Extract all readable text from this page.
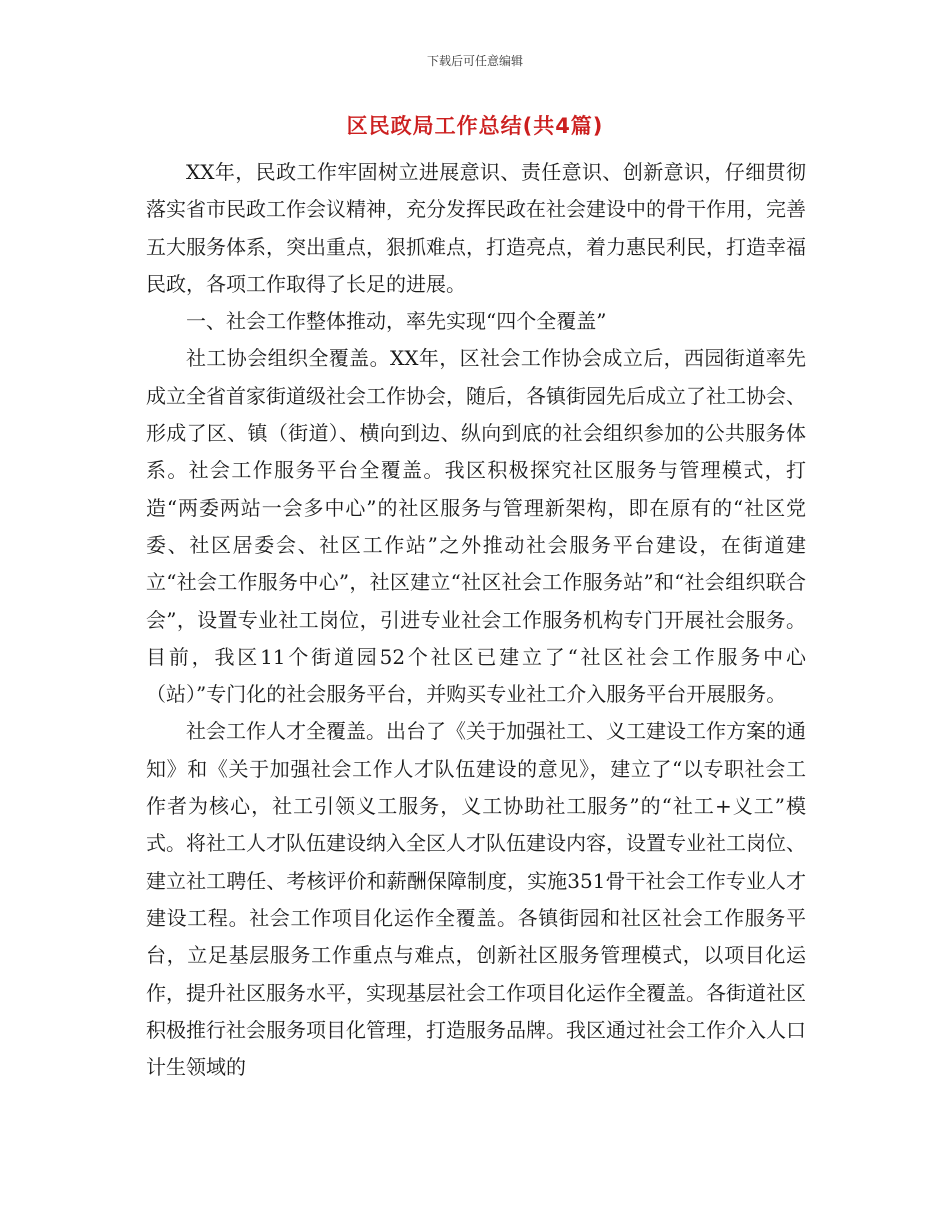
下载后可任意编辑
区民政局工作总结(共4篇)

XX年，民政工作牢固树立进展意识、责任意识、创新意识，仔细贯彻落实省市民政工作会议精神，充分发挥民政在社会建设中的骨干作用，完善五大服务体系，突出重点，狠抓难点，打造亮点，着力惠民利民，打造幸福民政，各项工作取得了长足的进展。

一、社会工作整体推动，率先实现“四个全覆盖”

社工协会组织全覆盖。XX年，区社会工作协会成立后，西园街道率先成立全省首家街道级社会工作协会，随后，各镇街园先后成立了社工协会、形成了区、镇（街道）、横向到边、纵向到底的社会组织参加的公共服务体系。社会工作服务平台全覆盖。我区积极探究社区服务与管理模式，打造“两委两站一会多中心”的社区服务与管理新架构，即在原有的“社区党委、社区居委会、社区工作站”之外推动社会服务平台建设，在街道建立“社会工作服务中心”，社区建立“社区社会工作服务站”和“社会组织联合会”，设置专业社工岗位，引进专业社会工作服务机构专门开展社会服务。目前，我区11个街道园52个社区已建立了“社区社会工作服务中心（站）”专门化的社会服务平台，并购买专业社工介入服务平台开展服务。

社会工作人才全覆盖。出台了《关于加强社工、义工建设工作方案的通知》和《关于加强社会工作人才队伍建设的意见》，建立了“以专职社会工作者为核心，社工引领义工服务，义工协助社工服务”的“社工+义工”模式。将社工人才队伍建设纳入全区人才队伍建设内容，设置专业社工岗位、建立社工聘任、考核评价和薪酬保障制度，实施351骨干社会工作专业人才建设工程。社会工作项目化运作全覆盖。各镇街园和社区社会工作服务平台，立足基层服务工作重点与难点，创新社区服务管理模式，以项目化运作，提升社区服务水平，实现基层社会工作项目化运作全覆盖。各街道社区积极推行社会服务项目化管理，打造服务品牌。我区通过社会工作介入人口计生领域的
